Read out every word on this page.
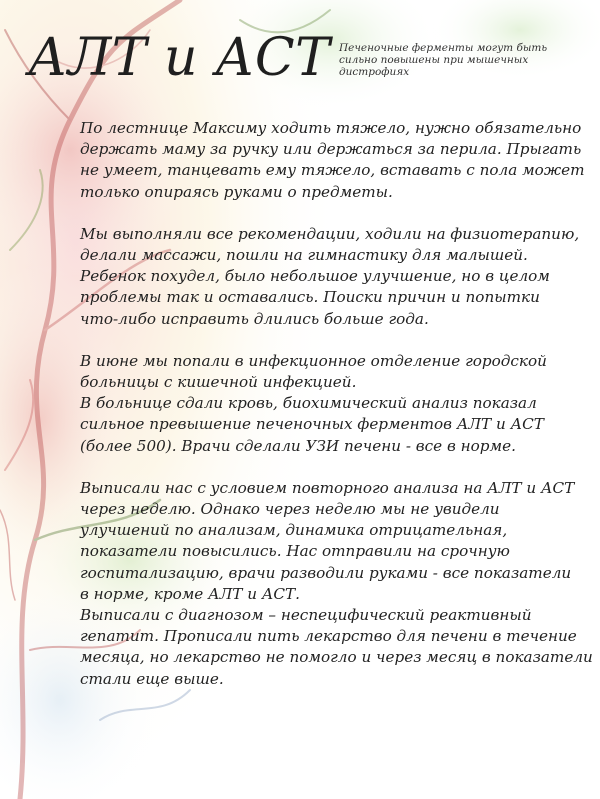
АЛТ и АСТ Печеночные ферменты могут быть
сильно повышены при мышечных
дистрофиях

По лестнице Максиму ходить тяжело, нужно обязательно
держать маму за ручку или держаться за перила. Прыгать
не умеет, танцевать ему тяжело, вставать с пола может
только опираясь руками о предметы.

Мы выполняли все рекомендации, ходили на физиотерапию,
делали массажи, пошли на гимнастику для малышей.
Ребенок похудел, было небольшое улучшение, но в целом
проблемы так и оставались. Поиски причин и попытки
что-либо исправить длились больше года.

В июне мы попали в инфекционное отделение городской
больницы с кишечной инфекцией.
В больнице сдали кровь, биохимический анализ показал
сильное превышение печеночных ферментов АЛТ и АСТ
(более 500). Врачи сделали УЗИ печени - все в норме.

Выписали нас с условием повторного анализа на АЛТ и АСТ
через неделю. Однако через неделю мы не увидели
улучшений по анализам, динамика отрицательная,
показатели повысились. Нас отправили на срочную
госпитализацию, врачи разводили руками - все показатели
в норме, кроме АЛТ и АСТ.
Выписали с диагнозом – неспецифический реактивный
гепатит. Прописали пить лекарство для печени в течение
месяца, но лекарство не помогло и через месяц в показатели
стали еще выше.
